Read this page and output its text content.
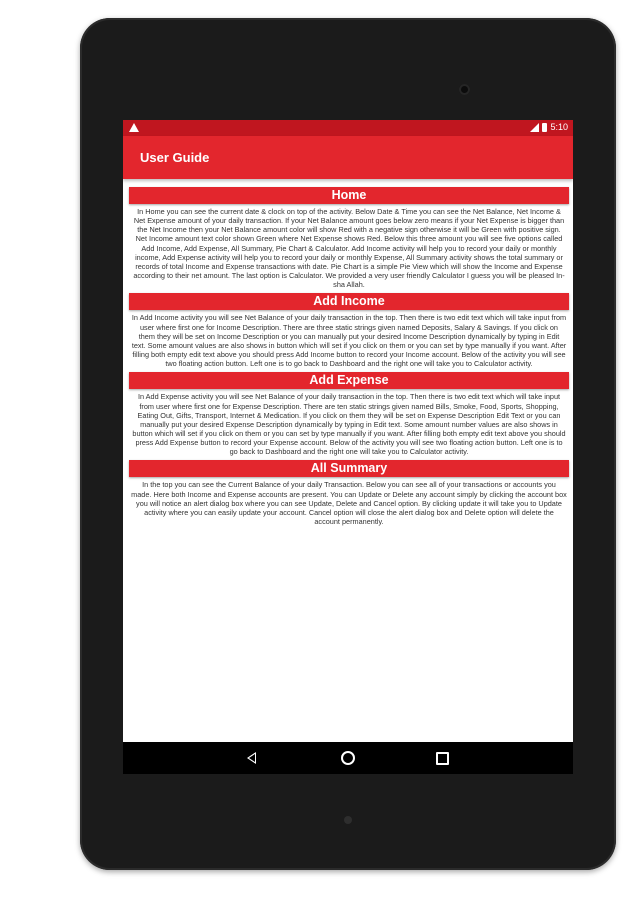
5:10
User Guide
Home
In Home you can see the current date & clock on top of the activity. Below Date & Time you can see the Net Balance, Net Income & Net Expense amount of your daily transaction. If your Net Balance amount goes below zero means if your Net Expense is bigger than the Net Income then your Net Balance amount color will show Red with a negative sign otherwise it will be Green with positive sign. Net Income amount text color shown Green where Net Expense shows Red. Below this three amount you will see five options called Add Income, Add Expense, All Summary, Pie Chart & Calculator. Add Income activity will help you to record your daily or monthly income, Add Expense activity will help you to record your daily or monthly Expense, All Summary activity shows the total summary or records of total Income and Expense transactions with date. Pie Chart is a simple Pie View which will show the Income and Expense according to their net amount. The last option is Calculator. We provided a very user friendly Calculator I guess you will be pleased In-sha Allah.
Add Income
In Add Income activity you will see Net Balance of your daily transaction in the top. Then there is two edit text which will take input from user where first one for Income Description. There are three static strings given named Deposits, Salary & Savings. If you click on them they will be set on Income Description or you can manually put your desired Income Description dynamically by typing in Edit text. Some amount values are also shows in button which will set if you click on them or you can set by type manually if you want. After filling both empty edit text above you should press Add Income button to record your Income account. Below of the activity you will see two floating action button. Left one is to go back to Dashboard and the right one will take you to Calculator activity.
Add Expense
In Add Expense activity you will see Net Balance of your daily transaction in the top. Then there is two edit text which will take input from user where first one for Expense Description. There are ten static strings given named Bills, Smoke, Food, Sports, Shopping, Eating Out, Gifts, Transport, Internet & Medication. If you click on them they will be set on Expense Description Edit Text or you can manually put your desired Expense Description dynamically by typing in Edit text. Some amount number values are also shows in button which will set if you click on them or you can set by type manually if you want. After filling both empty edit text above you should press Add Expense button to record your Expense account. Below of the activity you will see two floating action button. Left one is to go back to Dashboard and the right one will take you to Calculator activity.
All Summary
In the top you can see the Current Balance of your daily Transaction. Below you can see all of your transactions or accounts you made. Here both Income and Expense accounts are present. You can Update or Delete any account simply by clicking the account box you will notice an alert dialog box where you can see Update, Delete and Cancel option. By clicking update it will take you to Update activity where you can easily update your account. Cancel option will close the alert dialog box and Delete option will delete the account permanently.
